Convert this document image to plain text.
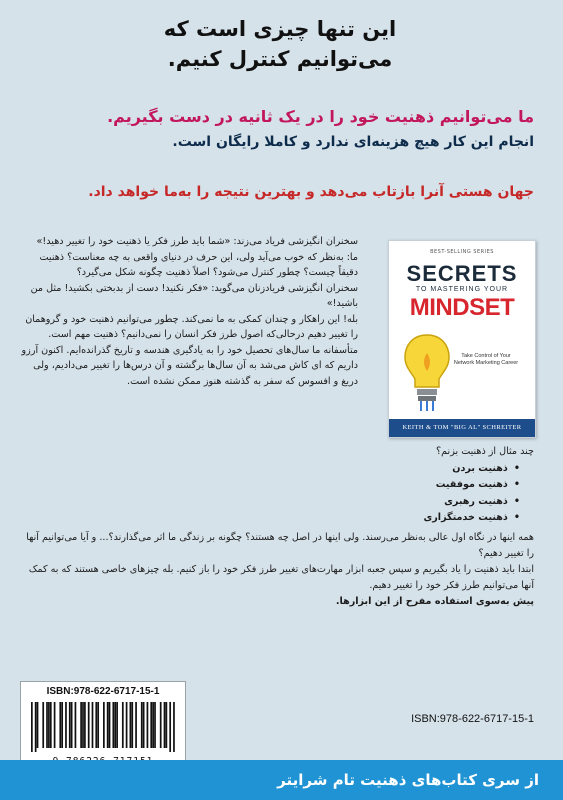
این تنها چیزی است که
می‌توانیم کنترل کنیم.
ما می‌توانیم ذهنیت خود را در یک ثانیه در دست بگیریم.
انجام این کار هیچ هزینه‌ای ندارد و کاملا رایگان است.
جهان هستی آنرا بازتاب می‌دهد و بهترین نتیجه را به‌ما خواهد داد.

سخنران انگیزشی فریاد می‌زند: «شما باید طرز فکر یا ذهنیت خود را تغییر دهید!»

ما: به‌نظر که خوب می‌آید ولی، این حرف در دنیای واقعی به چه معناست؟ ذهنیت دقیقاً چیست؟ چطور کنترل می‌شود؟ اصلاً ذهنیت چگونه شکل می‌گیرد؟

سخنران انگیزشی فریادزنان می‌گوید: «فکر نکنید! دست از بدبختی بکشید! مثل من باشید!»

بله! این راهکار و چندان کمکی به ما نمی‌کند. چطور می‌توانیم ذهنیت خود و گروهمان را تغییر دهیم درحالی‌که اصول طرز فکر انسان را نمی‌دانیم؟ ذهنیت مهم است. متأسفانه ما سال‌های تحصیل خود را به یادگیری هندسه و تاریخ گذرانده‌ایم. اکنون آرزو داریم که ای کاش می‌شد به آن سال‌ها برگشته و آن درس‌ها را تغییر می‌دادیم، ولی دریغ و افسوس که سفر به گذشته هنوز ممکن نشده است.

BEST-SELLING SERIES
SECRETS
TO MASTERING YOUR
MINDSET
Take Control of Your Network Marketing Career
KEITH & TOM "BIG AL" SCHREITER
چند مثال از ذهنیت بزنم؟
• ذهنیت بردن
• ذهنیت موفقیت
• ذهنیت رهبری
• ذهنیت خدمتگزاری

همه اینها در نگاه اول عالی به‌نظر می‌رسند. ولی اینها در اصل چه هستند؟ چگونه بر زندگی ما اثر می‌گذارند؟... و آیا می‌توانیم آنها را تغییر دهیم؟

ابتدا باید ذهنیت را یاد بگیریم و سپس جعبه ابزار مهارت‌های تغییر طرز فکر خود را باز کنیم. بله چیزهای خاصی هستند که به کمک آنها می‌توانیم طرز فکر خود را تغییر دهیم.

پیش به‌سوی استفاده مفرح از این ابزارها.

ISBN:978-622-6717-15-1
ISBN:978-622-6717-15-1
از سری کتاب‌های ذهنیت تام شرایتر
